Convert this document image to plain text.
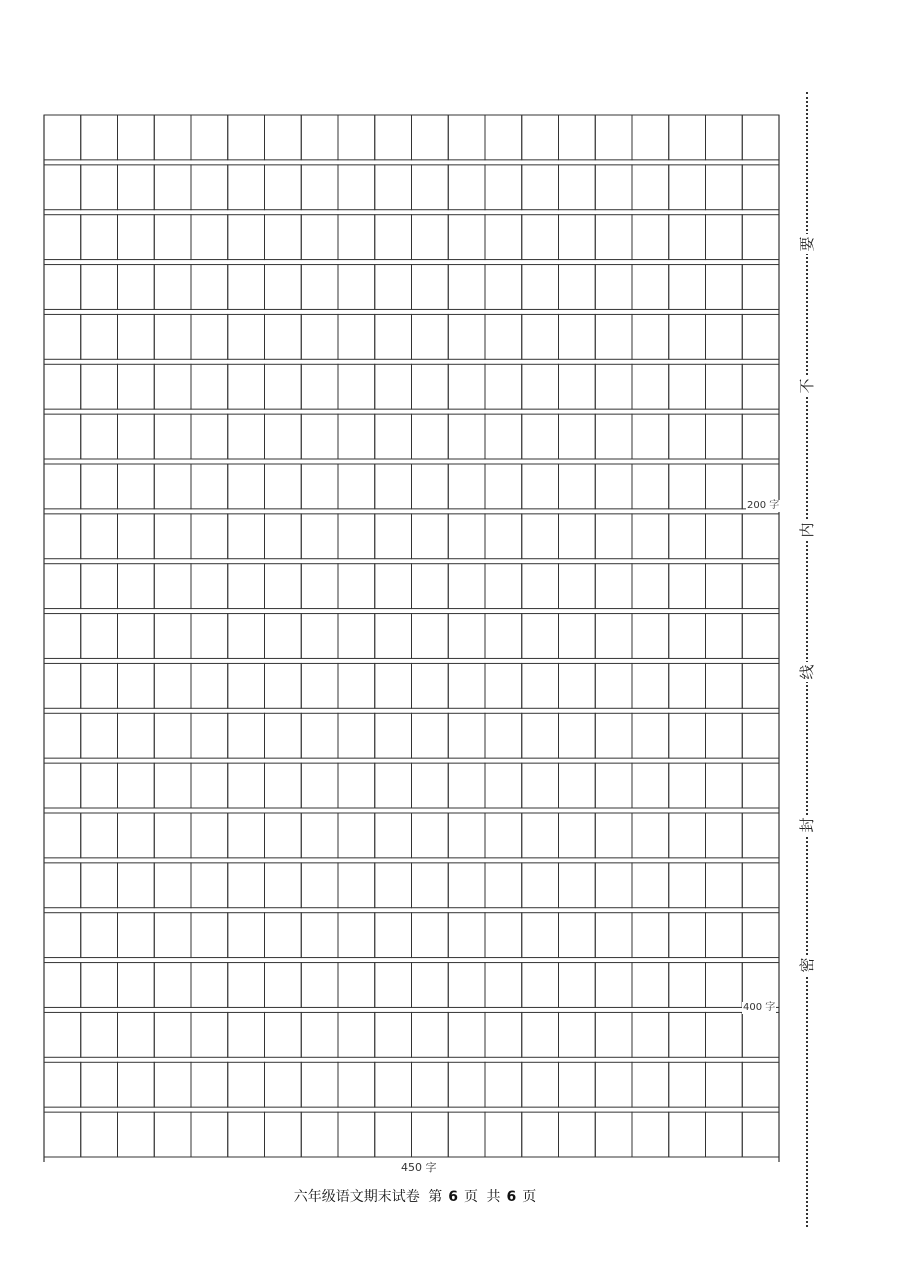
200 字
400 字
450 字
六年级语文期末试卷 第 6 页 共 6 页
要
不
内
线
封
密
